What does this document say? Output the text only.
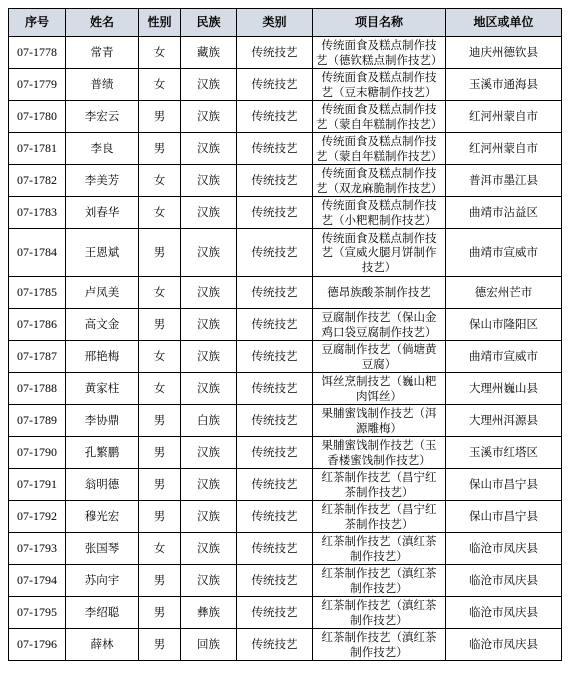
序号	姓名	性别	民族	类别	项目名称	地区或单位
07-1778	常青	女	藏族	传统技艺	传统面食及糕点制作技艺（德钦糕点制作技艺）	迪庆州德钦县
07-1779	普绩	女	汉族	传统技艺	传统面食及糕点制作技艺（豆末糖制作技艺）	玉溪市通海县
07-1780	李宏云	男	汉族	传统技艺	传统面食及糕点制作技艺（蒙自年糕制作技艺）	红河州蒙自市
07-1781	李良	男	汉族	传统技艺	传统面食及糕点制作技艺（蒙自年糕制作技艺）	红河州蒙自市
07-1782	李美芳	女	汉族	传统技艺	传统面食及糕点制作技艺（双龙麻脆制作技艺）	普洱市墨江县
07-1783	刘春华	女	汉族	传统技艺	传统面食及糕点制作技艺（小粑粑制作技艺）	曲靖市沾益区
07-1784	王恩斌	男	汉族	传统技艺	传统面食及糕点制作技艺（宣威火腿月饼制作技艺）	曲靖市宣威市
07-1785	卢凤美	女	汉族	传统技艺	德昂族酸茶制作技艺	德宏州芒市
07-1786	高文金	男	汉族	传统技艺	豆腐制作技艺（保山金鸡口袋豆腐制作技艺）	保山市隆阳区
07-1787	邢艳梅	女	汉族	传统技艺	豆腐制作技艺（倘塘黄豆腐）	曲靖市宣威市
07-1788	黄家柱	女	汉族	传统技艺	饵丝烹制技艺（巍山粑肉饵丝）	大理州巍山县
07-1789	李协鼎	男	白族	传统技艺	果脯蜜饯制作技艺（洱源雕梅）	大理州洱源县
07-1790	孔繁鹏	男	汉族	传统技艺	果脯蜜饯制作技艺（玉香楼蜜饯制作技艺）	玉溪市红塔区
07-1791	翁明德	男	汉族	传统技艺	红茶制作技艺（昌宁红茶制作技艺）	保山市昌宁县
07-1792	穆光宏	男	汉族	传统技艺	红茶制作技艺（昌宁红茶制作技艺）	保山市昌宁县
07-1793	张国琴	女	汉族	传统技艺	红茶制作技艺（滇红茶制作技艺）	临沧市凤庆县
07-1794	苏向宇	男	汉族	传统技艺	红茶制作技艺（滇红茶制作技艺）	临沧市凤庆县
07-1795	李绍聪	男	彝族	传统技艺	红茶制作技艺（滇红茶制作技艺）	临沧市凤庆县
07-1796	薛林	男	回族	传统技艺	红茶制作技艺（滇红茶制作技艺）	临沧市凤庆县
